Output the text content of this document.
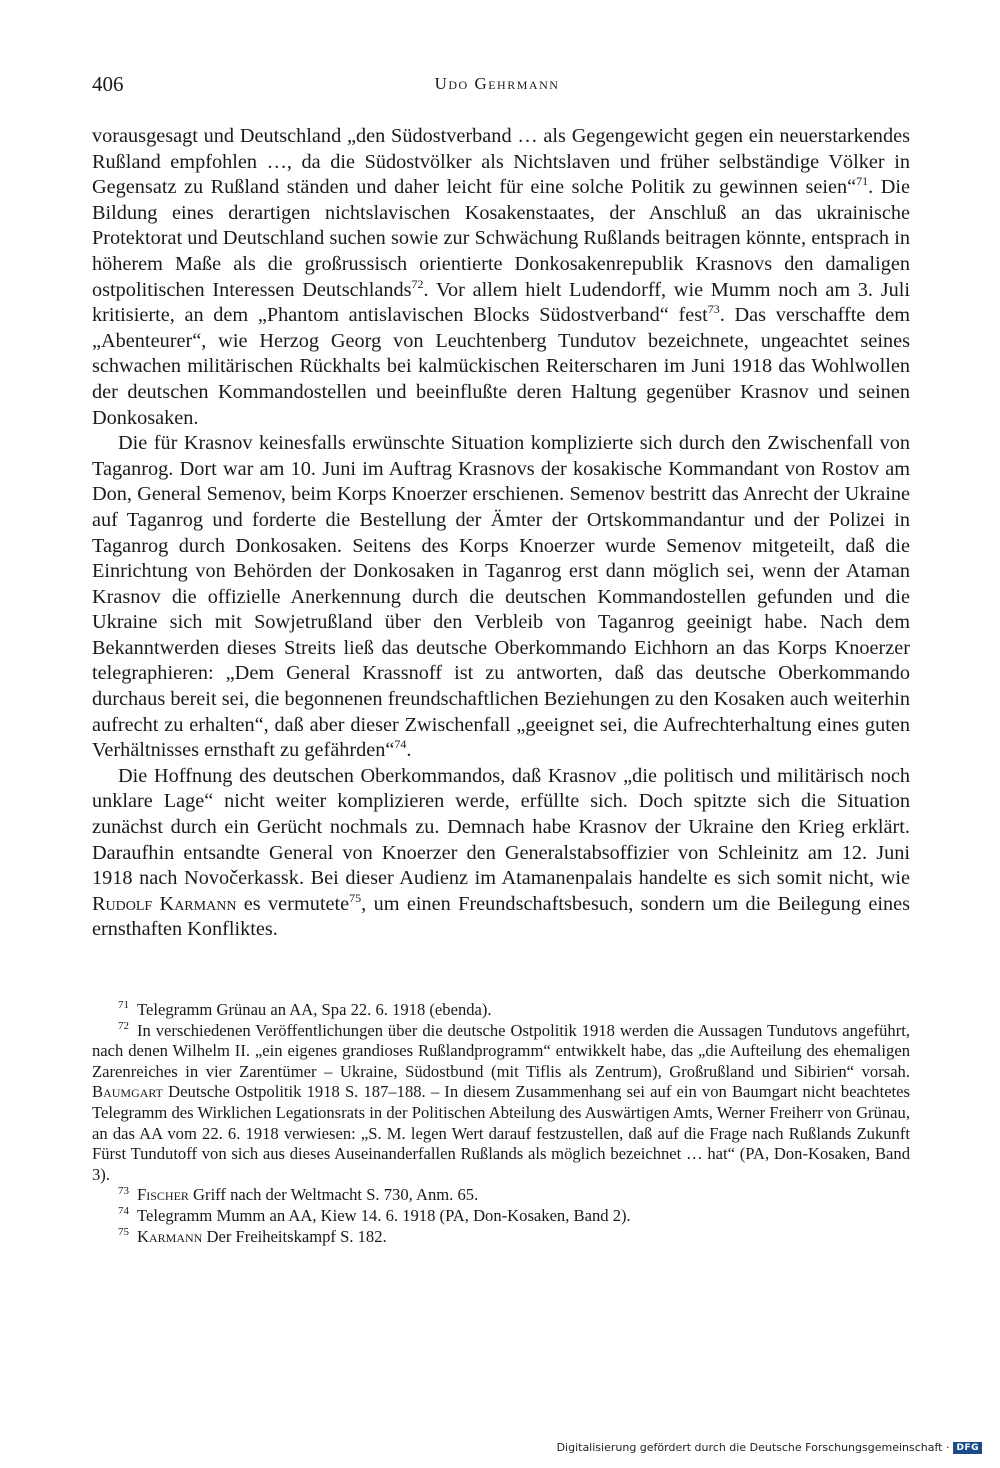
406	Udo Gehrmann

vorausgesagt und Deutschland „den Südostverband … als Gegengewicht gegen ein neuerstarkendes Rußland empfohlen …, da die Südostvölker als Nichtslaven und früher selbständige Völker in Gegensatz zu Rußland ständen und daher leicht für eine solche Politik zu gewinnen seien“$^{71}$. Die Bildung eines derartigen nichtslavischen Kosakenstaates, der Anschluß an das ukrainische Protektorat und Deutschland suchen sowie zur Schwächung Rußlands beitragen könnte, entsprach in höherem Maße als die großrussisch orientierte Donkosakenrepublik Krasnovs den damaligen ostpolitischen Interessen Deutschlands$^{72}$. Vor allem hielt Ludendorff, wie Mumm noch am 3. Juli kritisierte, an dem „Phantom antislavischen Blocks Südostverband“ fest$^{73}$. Das verschaffte dem „Abenteurer“, wie Herzog Georg von Leuchtenberg Tundutov bezeichnete, ungeachtet seines schwachen militärischen Rückhalts bei kalmückischen Reiterscharen im Juni 1918 das Wohlwollen der deutschen Kommandostellen und beeinflußte deren Haltung gegenüber Krasnov und seinen Donkosaken.

Die für Krasnov keinesfalls erwünschte Situation komplizierte sich durch den Zwischenfall von Taganrog. Dort war am 10. Juni im Auftrag Krasnovs der kosakische Kommandant von Rostov am Don, General Semenov, beim Korps Knoerzer erschienen. Semenov bestritt das Anrecht der Ukraine auf Taganrog und forderte die Bestellung der Ämter der Ortskommandantur und der Polizei in Taganrog durch Donkosaken. Seitens des Korps Knoerzer wurde Semenov mitgeteilt, daß die Einrichtung von Behörden der Donkosaken in Taganrog erst dann möglich sei, wenn der Ataman Krasnov die offizielle Anerkennung durch die deutschen Kommandostellen gefunden und die Ukraine sich mit Sowjetrußland über den Verbleib von Taganrog geeinigt habe. Nach dem Bekanntwerden dieses Streits ließ das deutsche Oberkommando Eichhorn an das Korps Knoerzer telegraphieren: „Dem General Krassnoff ist zu antworten, daß das deutsche Oberkommando durchaus bereit sei, die begonnenen freundschaftlichen Beziehungen zu den Kosaken auch weiterhin aufrecht zu erhalten“, daß aber dieser Zwischenfall „geeignet sei, die Aufrechterhaltung eines guten Verhältnisses ernsthaft zu gefährden“$^{74}$.

Die Hoffnung des deutschen Oberkommandos, daß Krasnov „die politisch und militärisch noch unklare Lage“ nicht weiter komplizieren werde, erfüllte sich. Doch spitzte sich die Situation zunächst durch ein Gerücht nochmals zu. Demnach habe Krasnov der Ukraine den Krieg erklärt. Daraufhin entsandte General von Knoerzer den Generalstabsoffizier von Schleinitz am 12. Juni 1918 nach Novočerkassk. Bei dieser Audienz im Atamanenpalais handelte es sich somit nicht, wie Rudolf Karmann es vermutete$^{75}$, um einen Freundschaftsbesuch, sondern um die Beilegung eines ernsthaften Konfliktes.

$^{71}$ Telegramm Grünau an AA, Spa 22. 6. 1918 (ebenda).

$^{72}$ In verschiedenen Veröffentlichungen über die deutsche Ostpolitik 1918 werden die Aussagen Tundutovs angeführt, nach denen Wilhelm II. „ein eigenes grandioses Rußlandprogramm“ entwikkelt habe, das „die Aufteilung des ehemaligen Zarenreiches in vier Zarentümer – Ukraine, Südostbund (mit Tiflis als Zentrum), Großrußland und Sibirien“ vorsah. Baumgart Deutsche Ostpolitik 1918 S. 187–188. – In diesem Zusammenhang sei auf ein von Baumgart nicht beachtetes Telegramm des Wirklichen Legationsrats in der Politischen Abteilung des Auswärtigen Amts, Werner Freiherr von Grünau, an das AA vom 22. 6. 1918 verwiesen: „S. M. legen Wert darauf festzustellen, daß auf die Frage nach Rußlands Zukunft Fürst Tundutoff von sich aus dieses Auseinanderfallen Rußlands als möglich bezeichnet … hat“ (PA, Don-Kosaken, Band 3).

$^{73}$ Fischer Griff nach der Weltmacht S. 730, Anm. 65.

$^{74}$ Telegramm Mumm an AA, Kiew 14. 6. 1918 (PA, Don-Kosaken, Band 2).

$^{75}$ Karmann Der Freiheitskampf S. 182.

Digitalisierung gefördert durch die Deutsche Forschungsgemeinschaft · DFG
